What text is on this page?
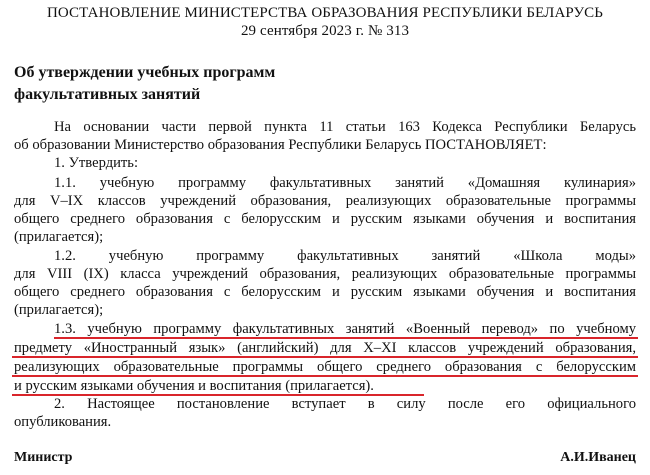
ПОСТАНОВЛЕНИЕ МИНИСТЕРСТВА ОБРАЗОВАНИЯ РЕСПУБЛИКИ БЕЛАРУСЬ
29 сентября 2023 г. № 313
Об утверждении учебных программ
факультативных занятий
На основании части первой пункта 11 статьи 163 Кодекса Республики Беларусь
об образовании Министерство образования Республики Беларусь ПОСТАНОВЛЯЕТ:
1. Утвердить:
1.1. учебную программу факультативных занятий «Домашняя кулинария»
для V–IX классов учреждений образования, реализующих образовательные программы
общего среднего образования с белорусским и русским языками обучения и воспитания
(прилагается);
1.2. учебную программу факультативных занятий «Школа моды»
для VIII (IX) класса учреждений образования, реализующих образовательные программы
общего среднего образования с белорусским и русским языками обучения и воспитания
(прилагается);
1.3. учебную программу факультативных занятий «Военный перевод» по учебному
предмету «Иностранный язык» (английский) для X–XI классов учреждений образования,
реализующих образовательные программы общего среднего образования с белорусским
и русским языками обучения и воспитания (прилагается).
2. Настоящее постановление вступает в силу после его официального
опубликования.
Министр	А.И.Иванец
